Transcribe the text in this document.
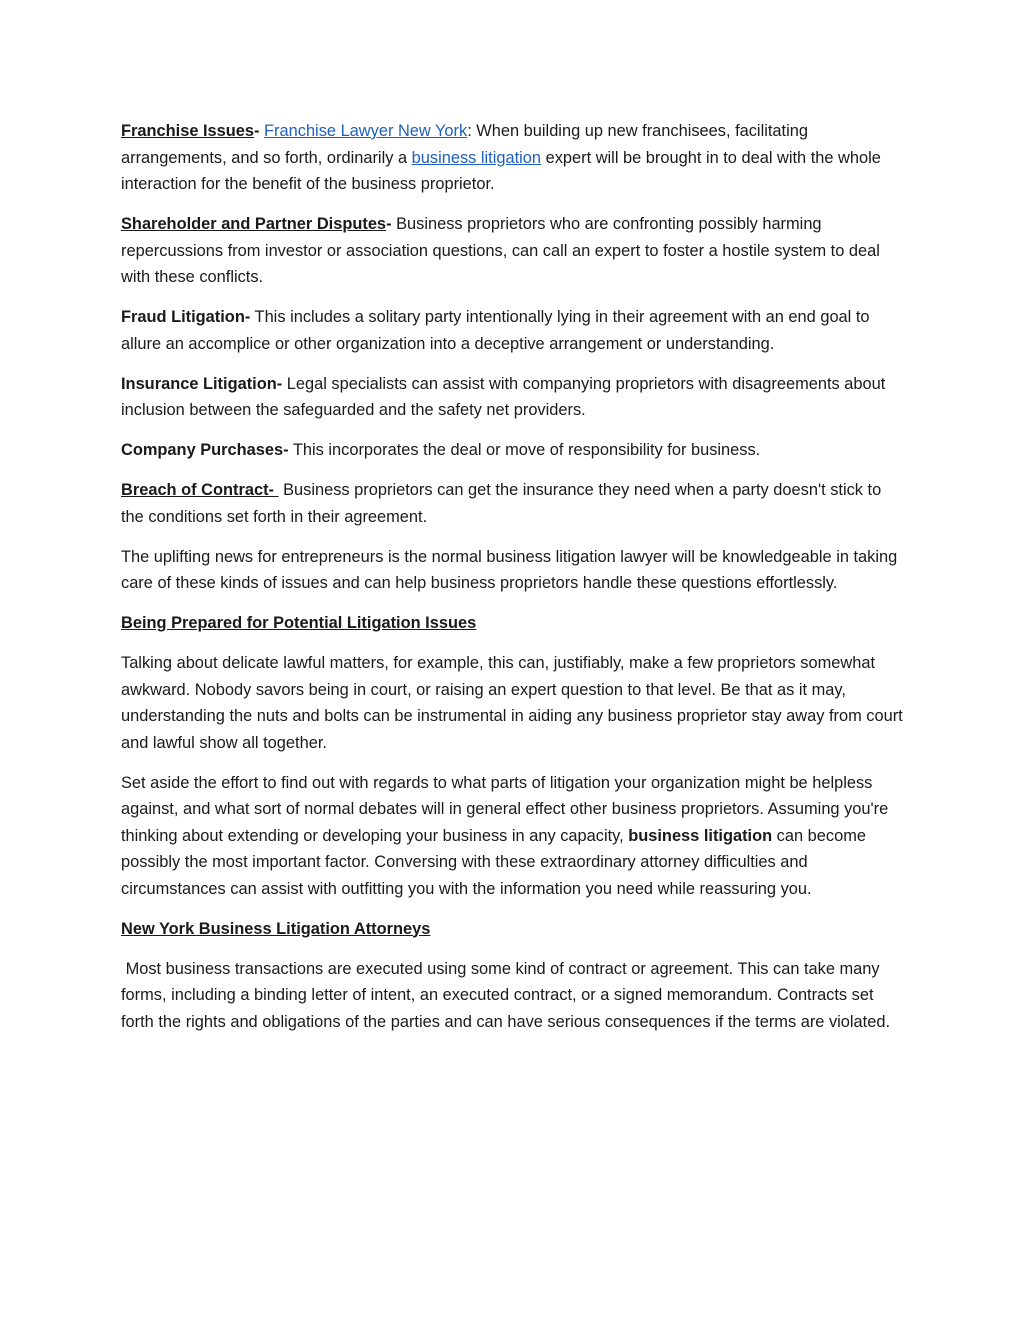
Franchise Issues- Franchise Lawyer New York: When building up new franchisees, facilitating arrangements, and so forth, ordinarily a business litigation expert will be brought in to deal with the whole interaction for the benefit of the business proprietor.

Shareholder and Partner Disputes- Business proprietors who are confronting possibly harming repercussions from investor or association questions, can call an expert to foster a hostile system to deal with these conflicts.

Fraud Litigation- This includes a solitary party intentionally lying in their agreement with an end goal to allure an accomplice or other organization into a deceptive arrangement or understanding.

Insurance Litigation- Legal specialists can assist with companying proprietors with disagreements about inclusion between the safeguarded and the safety net providers.

Company Purchases- This incorporates the deal or move of responsibility for business.

Breach of Contract-  Business proprietors can get the insurance they need when a party doesn't stick to the conditions set forth in their agreement.

The uplifting news for entrepreneurs is the normal business litigation lawyer will be knowledgeable in taking care of these kinds of issues and can help business proprietors handle these questions effortlessly.

Being Prepared for Potential Litigation Issues

Talking about delicate lawful matters, for example, this can, justifiably, make a few proprietors somewhat awkward. Nobody savors being in court, or raising an expert question to that level. Be that as it may, understanding the nuts and bolts can be instrumental in aiding any business proprietor stay away from court and lawful show all together.

Set aside the effort to find out with regards to what parts of litigation your organization might be helpless against, and what sort of normal debates will in general effect other business proprietors. Assuming you're thinking about extending or developing your business in any capacity, business litigation can become possibly the most important factor. Conversing with these extraordinary attorney difficulties and circumstances can assist with outfitting you with the information you need while reassuring you.

New York Business Litigation Attorneys

Most business transactions are executed using some kind of contract or agreement. This can take many forms, including a binding letter of intent, an executed contract, or a signed memorandum. Contracts set forth the rights and obligations of the parties and can have serious consequences if the terms are violated.
